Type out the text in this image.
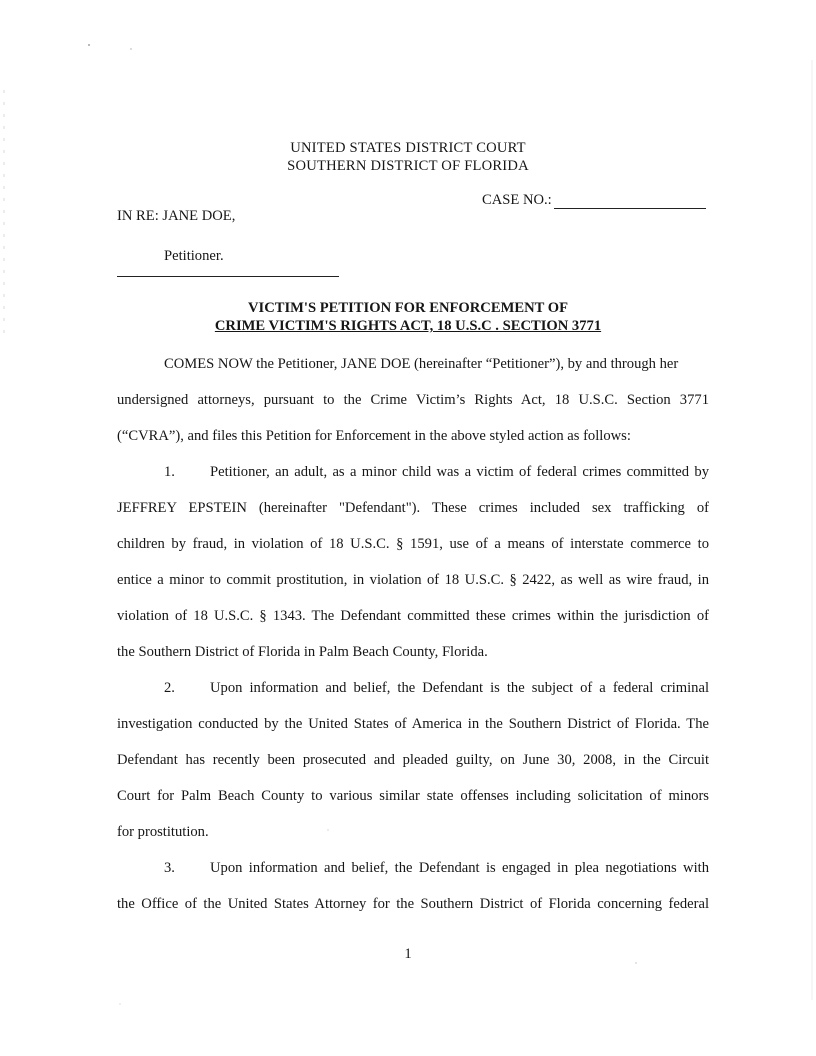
UNITED STATES DISTRICT COURT
SOUTHERN DISTRICT OF FLORIDA
CASE NO.:
IN RE: JANE DOE,
Petitioner.
VICTIM'S PETITION FOR ENFORCEMENT OF
CRIME VICTIM'S RIGHTS ACT, 18 U.S.C . SECTION 3771
COMES NOW the Petitioner, JANE DOE (hereinafter “Petitioner”), by and through her
undersigned attorneys, pursuant to the Crime Victim’s Rights Act, 18 U.S.C. Section 3771
(“CVRA”), and files this Petition for Enforcement in the above styled action as follows:
1.	Petitioner, an adult, as a minor child was a victim of federal crimes committed by
JEFFREY EPSTEIN (hereinafter "Defendant"). These crimes included sex trafficking of
children by fraud, in violation of 18 U.S.C. § 1591, use of a means of interstate commerce to
entice a minor to commit prostitution, in violation of 18 U.S.C. § 2422, as well as wire fraud, in
violation of 18 U.S.C. § 1343. The Defendant committed these crimes within the jurisdiction of
the Southern District of Florida in Palm Beach County, Florida.
2.	Upon information and belief, the Defendant is the subject of a federal criminal
investigation conducted by the United States of America in the Southern District of Florida. The
Defendant has recently been prosecuted and pleaded guilty, on June 30, 2008, in the Circuit
Court for Palm Beach County to various similar state offenses including solicitation of minors
for prostitution.
3.	Upon information and belief, the Defendant is engaged in plea negotiations with
the Office of the United States Attorney for the Southern District of Florida concerning federal
1
